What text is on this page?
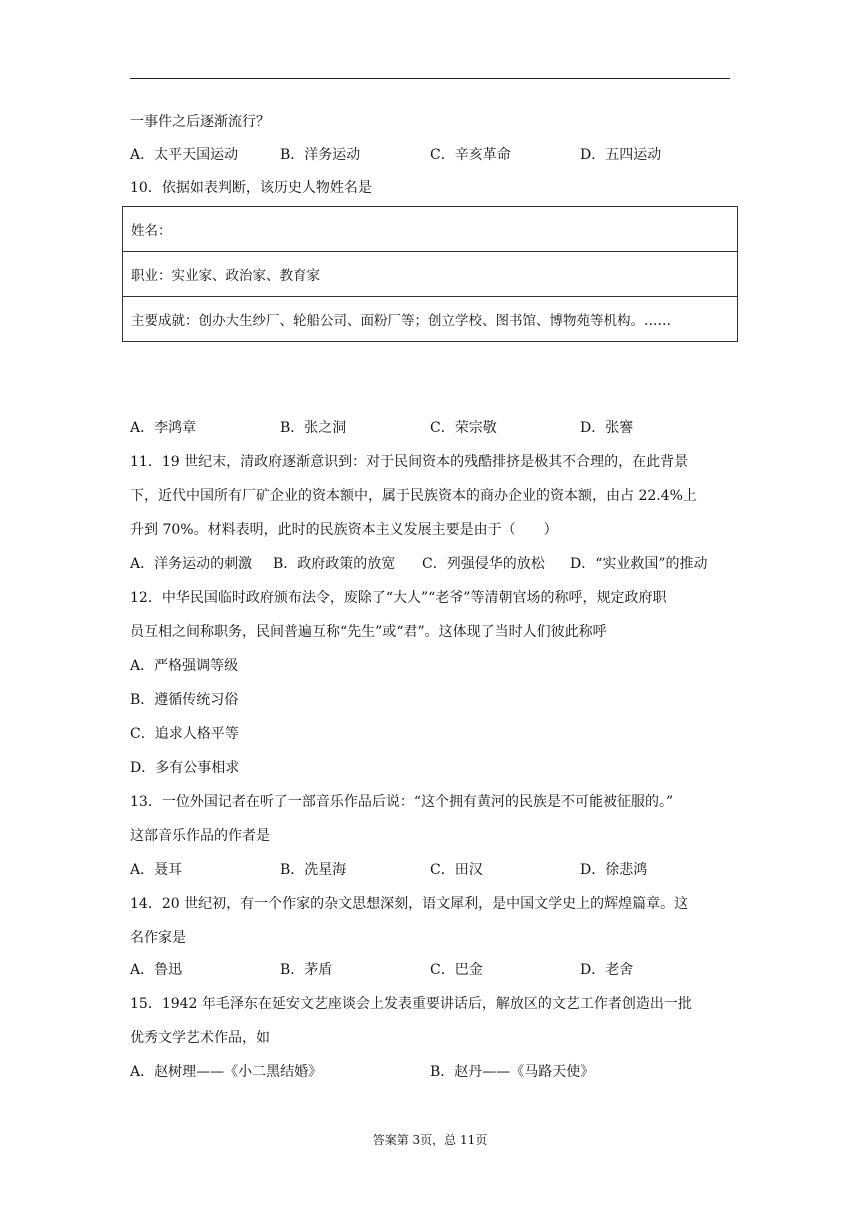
一事件之后逐渐流行？
A．太平天国运动	B．洋务运动	C．辛亥革命	D．五四运动
10．依据如表判断，该历史人物姓名是
姓名：
职业：实业家、政治家、教育家
主要成就：创办大生纱厂、轮船公司、面粉厂等；创立学校、图书馆、博物苑等机构。……
A．李鸿章	B．张之洞	C．荣宗敬	D．张謇
11．19 世纪末，清政府逐渐意识到：对于民间资本的残酷排挤是极其不合理的，在此背景
下，近代中国所有厂矿企业的资本额中，属于民族资本的商办企业的资本额，由占 22.4%上
升到 70%。材料表明，此时的民族资本主义发展主要是由于（　　）
A．洋务运动的刺激 B．政府政策的放宽 C．列强侵华的放松 D．“实业救国”的推动
12．中华民国临时政府颁布法令，废除了“大人”“老爷”等清朝官场的称呼，规定政府职
员互相之间称职务，民间普遍互称“先生”或“君”。这体现了当时人们彼此称呼
A．严格强调等级
B．遵循传统习俗
C．追求人格平等
D．多有公事相求
13．一位外国记者在听了一部音乐作品后说：“这个拥有黄河的民族是不可能被征服的。”
这部音乐作品的作者是
A．聂耳	B．冼星海	C．田汉	D．徐悲鸿
14．20 世纪初，有一个作家的杂文思想深刻，语文犀利，是中国文学史上的辉煌篇章。这
名作家是
A．鲁迅	B．茅盾	C．巴金	D．老舍
15．1942 年毛泽东在延安文艺座谈会上发表重要讲话后，解放区的文艺工作者创造出一批
优秀文学艺术作品，如
A．赵树理——《小二黑结婚》	B．赵丹——《马路天使》
答案第 3页，总 11页
